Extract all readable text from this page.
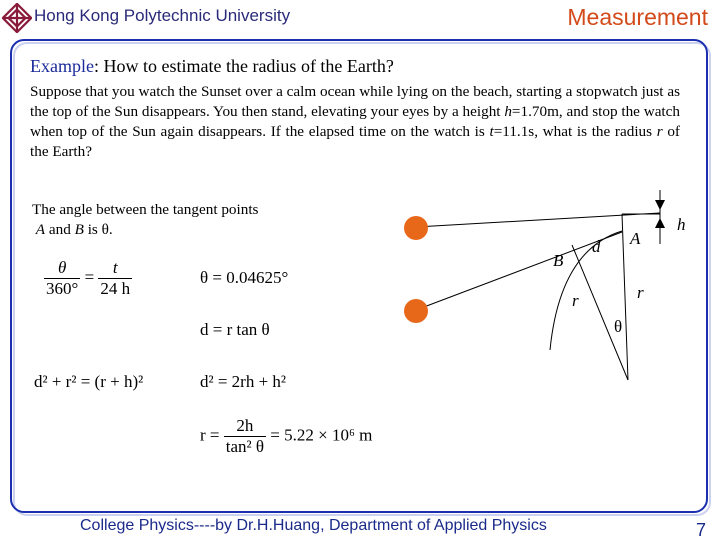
Hong Kong Polytechnic University	Measurement
Example: How to estimate the radius of the Earth?
Suppose that you watch the Sunset over a calm ocean while lying on the beach, starting a stopwatch just as the top of the Sun disappears. You then stand, elevating your eyes by a height h=1.70m, and stop the watch when top of the Sun again disappears. If the elapsed time on the watch is t=11.1s, what is the radius r of the Earth?
The angle between the tangent points
A and B is θ.
$\frac{\theta}{360^\circ} = \frac{t}{24 h}$	θ = 0.04625°
d = r tan θ
d² + r² = (r + h)²	d² = 2rh + h²
$r = \frac{2h}{\text{tan² θ}} = 5.22 \times 10^6$ m
h
A
B
d
r	r
θ
College Physics----by Dr.H.Huang, Department of Applied Physics	7
